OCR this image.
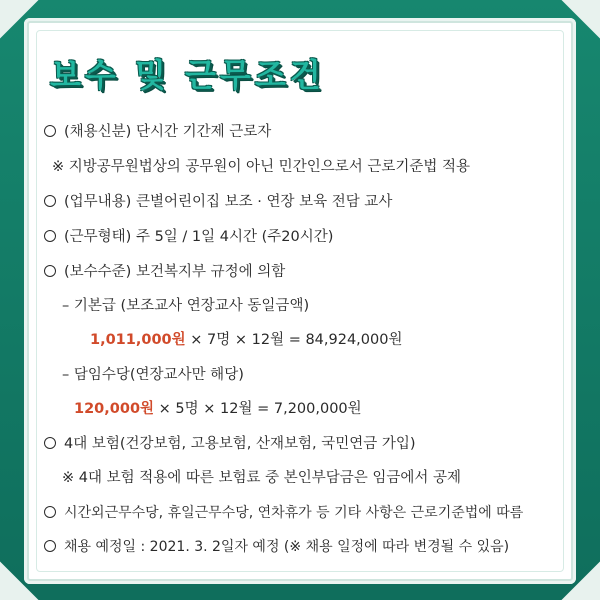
보수 및 근무조건
(채용신분) 단시간 기간제 근로자
※ 지방공무원법상의 공무원이 아닌 민간인으로서 근로기준법 적용
(업무내용) 큰별어린이집 보조 · 연장 보육 전담 교사
(근무형태) 주 5일 / 1일 4시간 (주20시간)
(보수수준) 보건복지부 규정에 의함
– 기본급 (보조교사 연장교사 동일금액)
1,011,000원 × 7명 × 12월 = 84,924,000원
– 담임수당(연장교사만 해당)
120,000원 × 5명 × 12월 = 7,200,000원
4대 보험(건강보험, 고용보험, 산재보험, 국민연금 가입)
※ 4대 보험 적용에 따른 보험료 중 본인부담금은 임금에서 공제
시간외근무수당, 휴일근무수당, 연차휴가 등 기타 사항은 근로기준법에 따름
채용 예정일 : 2021. 3. 2일자 예정 (※ 채용 일정에 따라 변경될 수 있음)
